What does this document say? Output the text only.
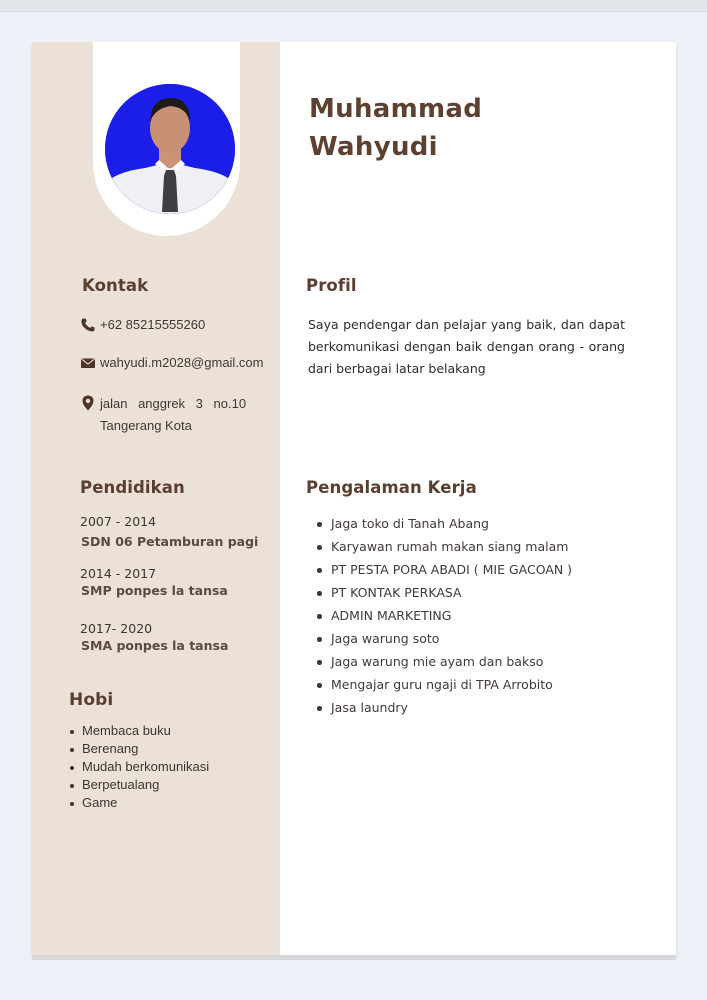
Kontak
+62 85215555260
wahyudi.m2028@gmail.com
jalan anggrek 3 no.10
Tangerang Kota
Pendidikan
2007 - 2014
SDN 06 Petamburan pagi
2014 - 2017
SMP ponpes la tansa
2017- 2020
SMA ponpes la tansa
Hobi
Membaca buku
Berenang
Mudah berkomunikasi
Berpetualang
Game
Muhammad
Wahyudi
Profil
Saya pendengar dan pelajar yang baik, dan dapat berkomunikasi dengan baik dengan orang - orang dari berbagai latar belakang
Pengalaman Kerja
Jaga toko di Tanah Abang
Karyawan rumah makan siang malam
PT PESTA PORA ABADI ( MIE GACOAN )
PT KONTAK PERKASA
ADMIN MARKETING
Jaga warung soto
Jaga warung mie ayam dan bakso
Mengajar guru ngaji di TPA Arrobito
Jasa laundry
